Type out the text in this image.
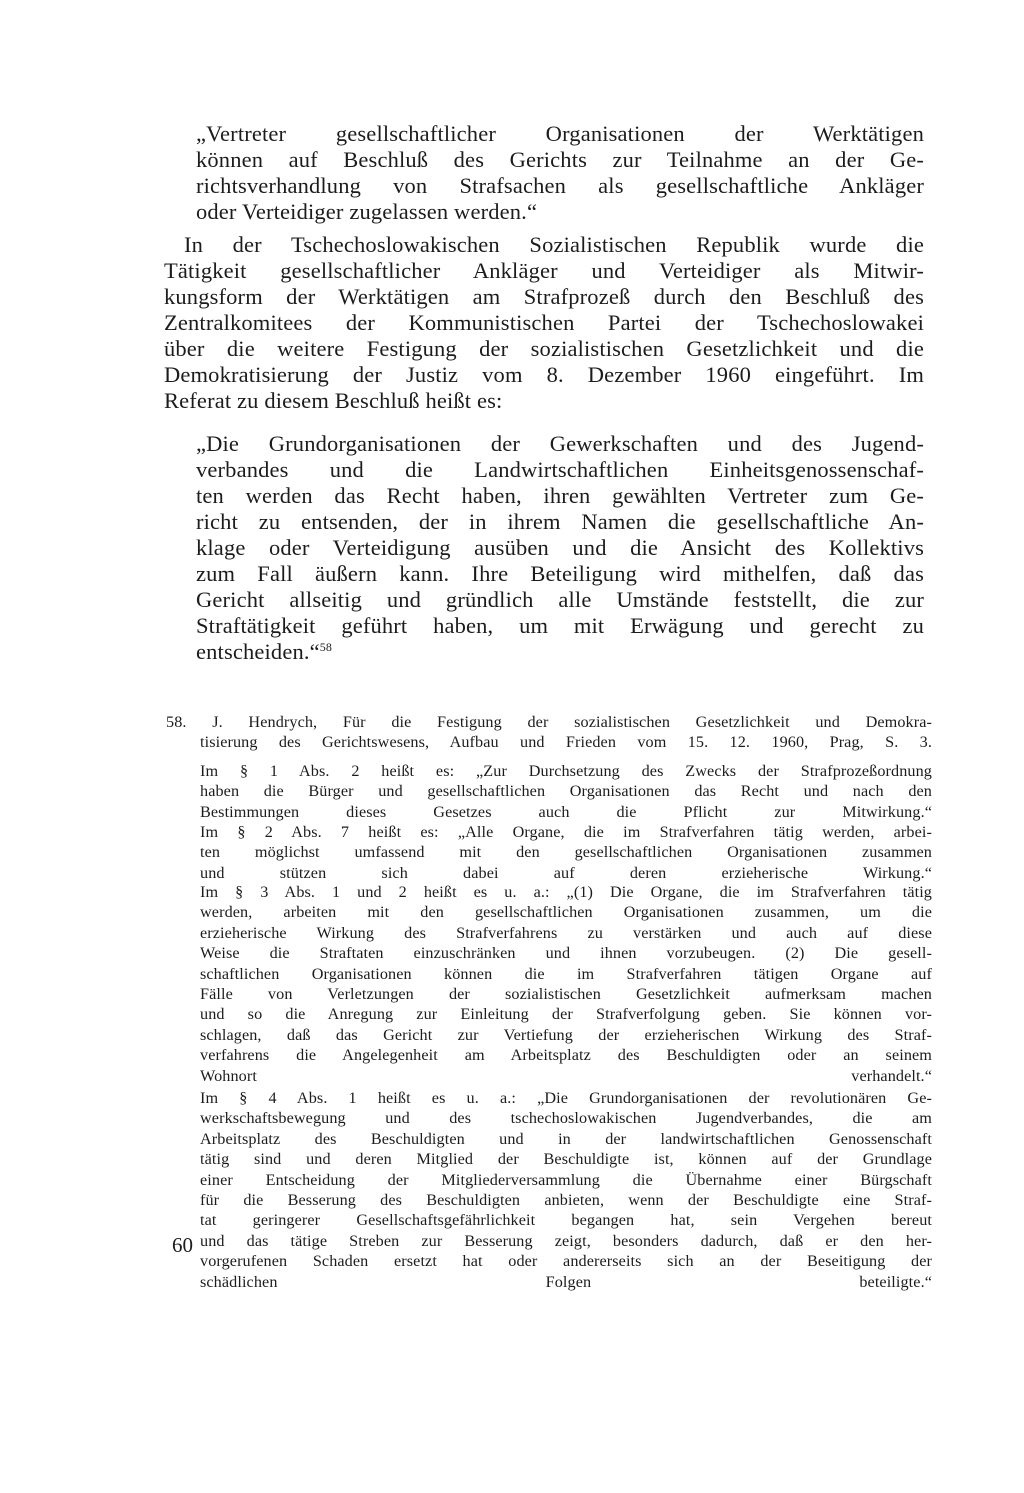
„Vertreter gesellschaftlicher Organisationen der Werktätigen
können auf Beschluß des Gerichts zur Teilnahme an der Ge-
richtsverhandlung von Strafsachen als gesellschaftliche Ankläger
oder Verteidiger zugelassen werden.“
In der Tschechoslowakischen Sozialistischen Republik wurde die
Tätigkeit gesellschaftlicher Ankläger und Verteidiger als Mitwir-
kungsform der Werktätigen am Strafprozeß durch den Beschluß des
Zentralkomitees der Kommunistischen Partei der Tschechoslowakei
über die weitere Festigung der sozialistischen Gesetzlichkeit und die
Demokratisierung der Justiz vom 8. Dezember 1960 eingeführt. Im
Referat zu diesem Beschluß heißt es:
„Die Grundorganisationen der Gewerkschaften und des Jugend-
verbandes und die Landwirtschaftlichen Einheitsgenossenschaf-
ten werden das Recht haben, ihren gewählten Vertreter zum Ge-
richt zu entsenden, der in ihrem Namen die gesellschaftliche An-
klage oder Verteidigung ausüben und die Ansicht des Kollektivs
zum Fall äußern kann. Ihre Beteiligung wird mithelfen, daß das
Gericht allseitig und gründlich alle Umstände feststellt, die zur
Straftätigkeit geführt haben, um mit Erwägung und gerecht zu
entscheiden.“$^{58}$
58. J. Hendrych, Für die Festigung der sozialistischen Gesetzlichkeit und Demokra-
tisierung des Gerichtswesens, Aufbau und Frieden vom 15. 12. 1960, Prag, S. 3.
Im § 1 Abs. 2 heißt es: „Zur Durchsetzung des Zwecks der Strafprozeßordnung
haben die Bürger und gesellschaftlichen Organisationen das Recht und nach den
Bestimmungen dieses Gesetzes auch die Pflicht zur Mitwirkung.“
Im § 2 Abs. 7 heißt es: „Alle Organe, die im Strafverfahren tätig werden, arbei-
ten möglichst umfassend mit den gesellschaftlichen Organisationen zusammen
und stützen sich dabei auf deren erzieherische Wirkung.“
Im § 3 Abs. 1 und 2 heißt es u. a.: „(1) Die Organe, die im Strafverfahren tätig
werden, arbeiten mit den gesellschaftlichen Organisationen zusammen, um die
erzieherische Wirkung des Strafverfahrens zu verstärken und auch auf diese
Weise die Straftaten einzuschränken und ihnen vorzubeugen. (2) Die gesell-
schaftlichen Organisationen können die im Strafverfahren tätigen Organe auf
Fälle von Verletzungen der sozialistischen Gesetzlichkeit aufmerksam machen
und so die Anregung zur Einleitung der Strafverfolgung geben. Sie können vor-
schlagen, daß das Gericht zur Vertiefung der erzieherischen Wirkung des Straf-
verfahrens die Angelegenheit am Arbeitsplatz des Beschuldigten oder an seinem
Wohnort verhandelt.“
Im § 4 Abs. 1 heißt es u. a.: „Die Grundorganisationen der revolutionären Ge-
werkschaftsbewegung und des tschechoslowakischen Jugendverbandes, die am
Arbeitsplatz des Beschuldigten und in der landwirtschaftlichen Genossenschaft
tätig sind und deren Mitglied der Beschuldigte ist, können auf der Grundlage
einer Entscheidung der Mitgliederversammlung die Übernahme einer Bürgschaft
für die Besserung des Beschuldigten anbieten, wenn der Beschuldigte eine Straf-
tat geringerer Gesellschaftsgefährlichkeit begangen hat, sein Vergehen bereut
und das tätige Streben zur Besserung zeigt, besonders dadurch, daß er den her-
vorgerufenen Schaden ersetzt hat oder andererseits sich an der Beseitigung der
schädlichen Folgen beteiligte.“
60
